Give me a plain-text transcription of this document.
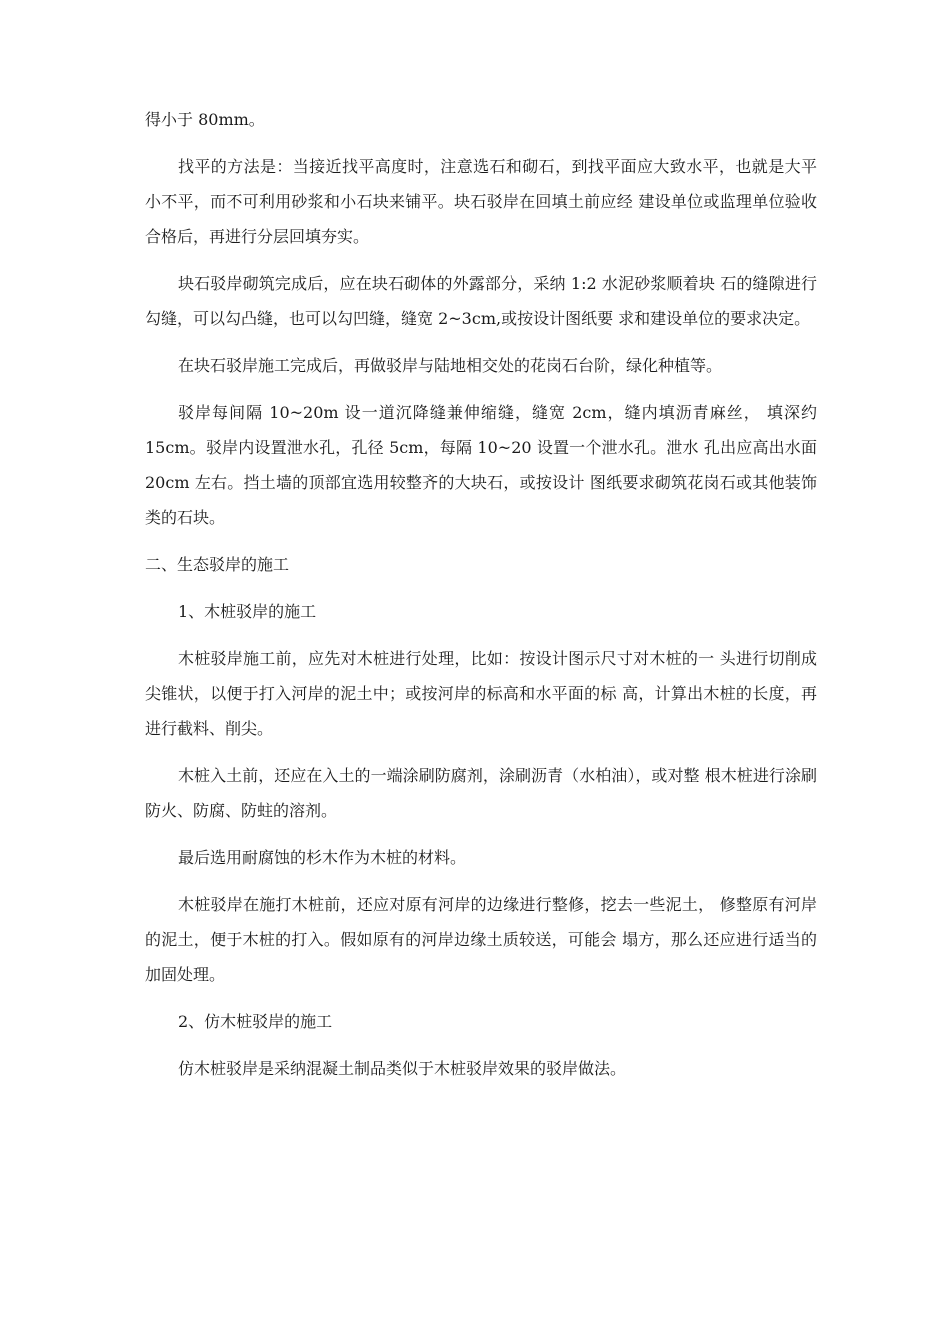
得小于 80mm。

找平的方法是：当接近找平高度时，注意选石和砌石，到找平面应大致水平，也就是大平小不平，而不可利用砂浆和小石块来铺平。块石驳岸在回填土前应经 建设单位或监理单位验收合格后，再进行分层回填夯实。

块石驳岸砌筑完成后，应在块石砌体的外露部分，采纳 1:2 水泥砂浆顺着块 石的缝隙进行勾缝，可以勾凸缝，也可以勾凹缝，缝宽 2~3cm,或按设计图纸要 求和建设单位的要求决定。

在块石驳岸施工完成后，再做驳岸与陆地相交处的花岗石台阶，绿化种植等。

驳岸每间隔 10~20m 设一道沉降缝兼伸缩缝，缝宽 2cm，缝内填沥青麻丝， 填深约 15cm。驳岸内设置泄水孔，孔径 5cm，每隔 10~20 设置一个泄水孔。泄水 孔出应高出水面 20cm 左右。挡土墙的顶部宜选用较整齐的大块石，或按设计 图纸要求砌筑花岗石或其他装饰类的石块。

二、生态驳岸的施工

1、木桩驳岸的施工

木桩驳岸施工前，应先对木桩进行处理，比如：按设计图示尺寸对木桩的一 头进行切削成尖锥状，以便于打入河岸的泥土中；或按河岸的标高和水平面的标 高，计算出木桩的长度，再进行截料、削尖。

木桩入土前，还应在入土的一端涂刷防腐剂，涂刷沥青（水柏油），或对整 根木桩进行涂刷防火、防腐、防蛀的溶剂。

最后选用耐腐蚀的杉木作为木桩的材料。

木桩驳岸在施打木桩前，还应对原有河岸的边缘进行整修，挖去一些泥土， 修整原有河岸的泥土，便于木桩的打入。假如原有的河岸边缘土质较送，可能会 塌方，那么还应进行适当的加固处理。

2、仿木桩驳岸的施工

仿木桩驳岸是采纳混凝土制品类似于木桩驳岸效果的驳岸做法。
